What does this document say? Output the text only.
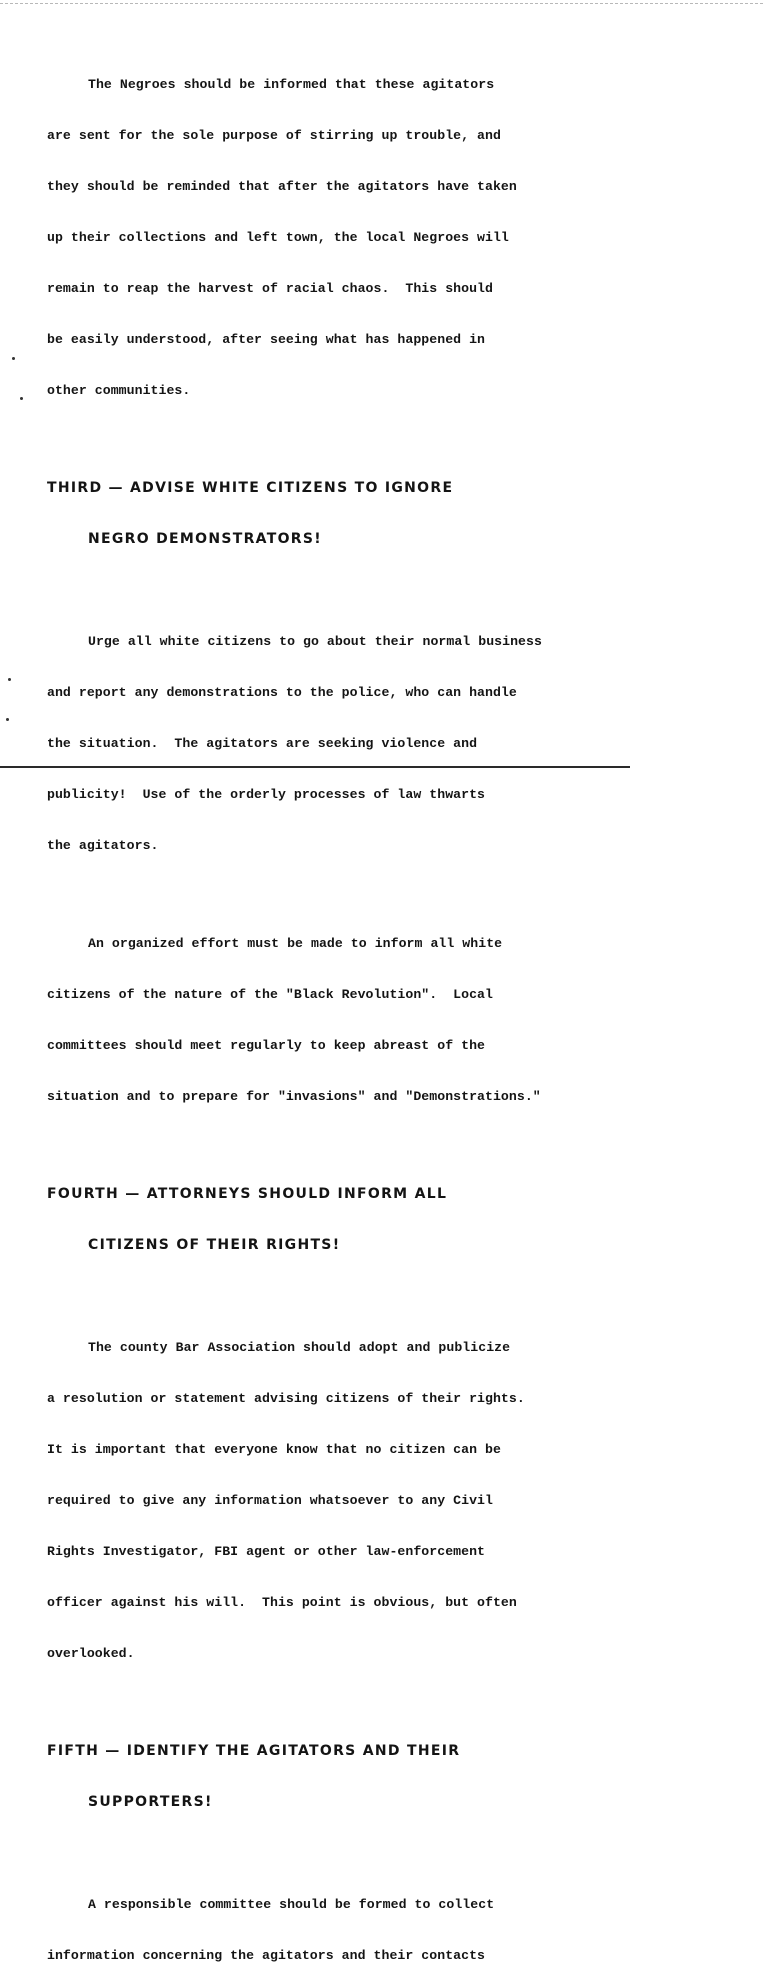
The Negroes should be informed that these agitators

are sent for the sole purpose of stirring up trouble, and

they should be reminded that after the agitators have taken

up their collections and left town, the local Negroes will

remain to reap the harvest of racial chaos.  This should

be easily understood, after seeing what has happened in

other communities.

THIRD — ADVISE WHITE CITIZENS TO IGNORE

NEGRO DEMONSTRATORS!

Urge all white citizens to go about their normal business

and report any demonstrations to the police, who can handle

the situation.  The agitators are seeking violence and

publicity!  Use of the orderly processes of law thwarts

the agitators.

An organized effort must be made to inform all white

citizens of the nature of the "Black Revolution".  Local

committees should meet regularly to keep abreast of the

situation and to prepare for "invasions" and "Demonstrations."

FOURTH — ATTORNEYS SHOULD INFORM ALL

CITIZENS OF THEIR RIGHTS!

The county Bar Association should adopt and publicize

a resolution or statement advising citizens of their rights.

It is important that everyone know that no citizen can be

required to give any information whatsoever to any Civil

Rights Investigator, FBI agent or other law-enforcement

officer against his will.  This point is obvious, but often

overlooked.

FIFTH — IDENTIFY THE AGITATORS AND THEIR

SUPPORTERS!

A responsible committee should be formed to collect

information concerning the agitators and their contacts
